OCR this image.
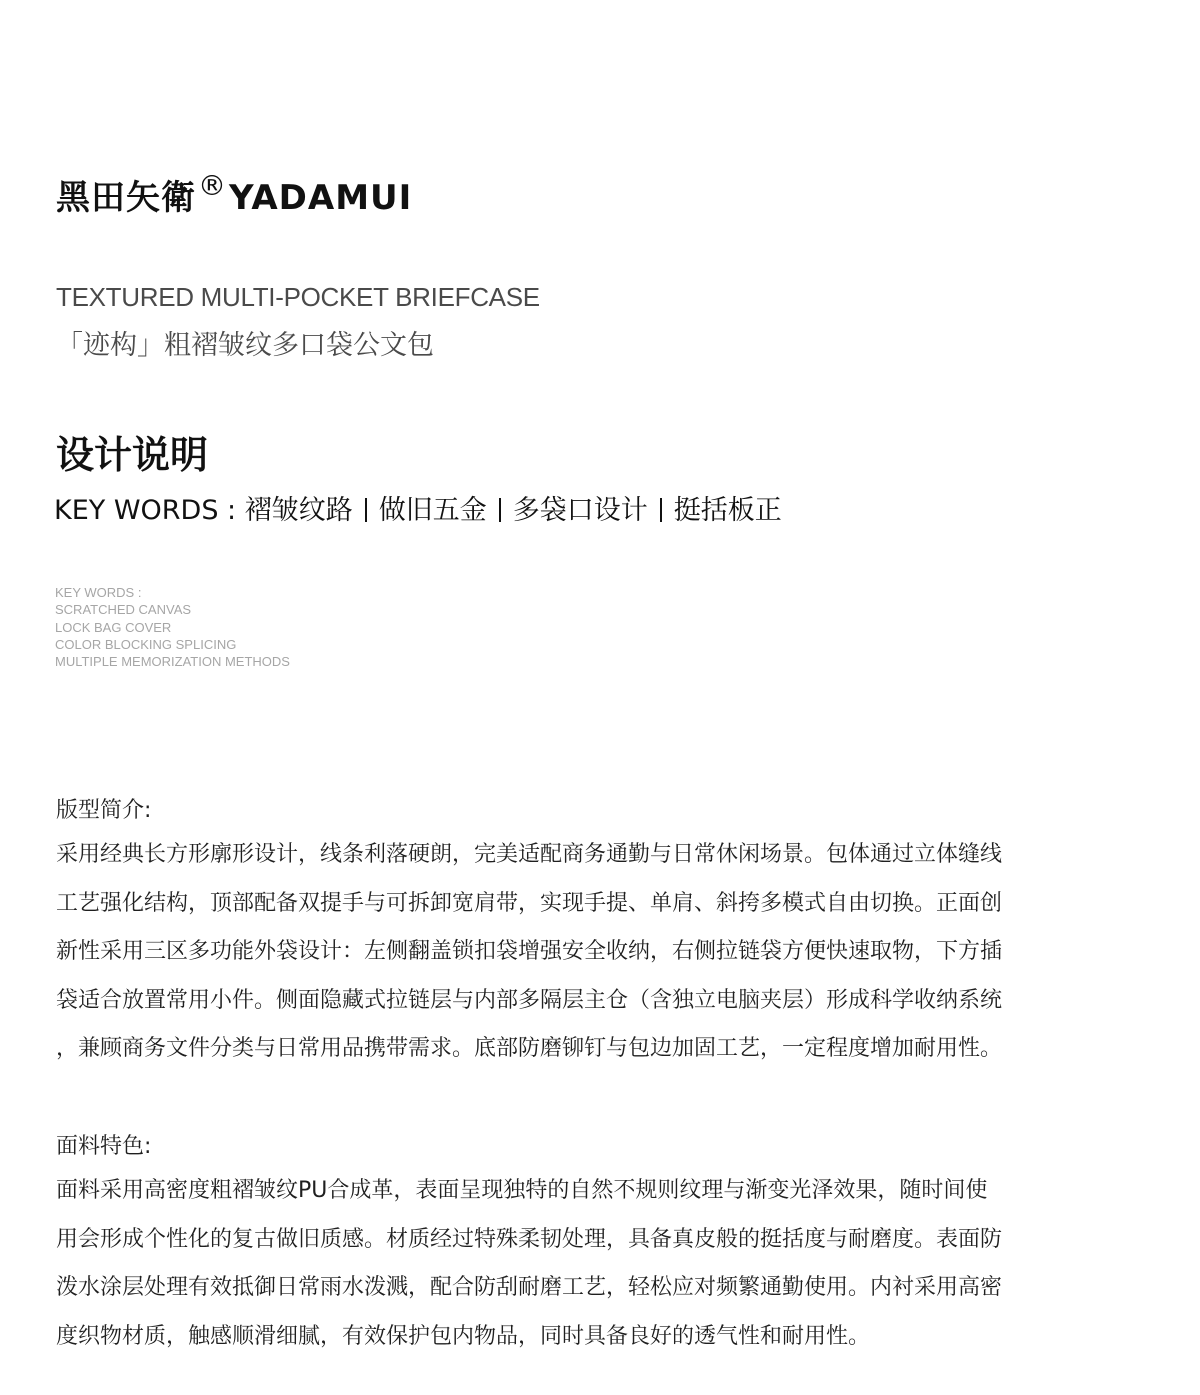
黑田矢衛®YADAMUI
TEXTURED MULTI-POCKET BRIEFCASE
「迹构」粗褶皱纹多口袋公文包
设计说明
KEY WORDS : 褶皱纹路 做旧五金 多袋口设计 挺括板正
KEY WORDS :
SCRATCHED CANVAS
LOCK BAG COVER
COLOR BLOCKING SPLICING
MULTIPLE MEMORIZATION METHODS
版型简介:
采用经典长方形廓形设计，线条利落硬朗，完美适配商务通勤与日常休闲场景。包体通过立体缝线
工艺强化结构，顶部配备双提手与可拆卸宽肩带，实现手提、单肩、斜挎多模式自由切换。正面创
新性采用三区多功能外袋设计：左侧翻盖锁扣袋增强安全收纳，右侧拉链袋方便快速取物，下方插
袋适合放置常用小件。侧面隐藏式拉链层与内部多隔层主仓（含独立电脑夹层）形成科学收纳系统
，兼顾商务文件分类与日常用品携带需求。底部防磨铆钉与包边加固工艺，一定程度增加耐用性。
面料特色:
面料采用高密度粗褶皱纹PU合成革，表面呈现独特的自然不规则纹理与渐变光泽效果，随时间使
用会形成个性化的复古做旧质感。材质经过特殊柔韧处理，具备真皮般的挺括度与耐磨度。表面防
泼水涂层处理有效抵御日常雨水泼溅，配合防刮耐磨工艺，轻松应对频繁通勤使用。内衬采用高密
度织物材质，触感顺滑细腻，有效保护包内物品，同时具备良好的透气性和耐用性。
